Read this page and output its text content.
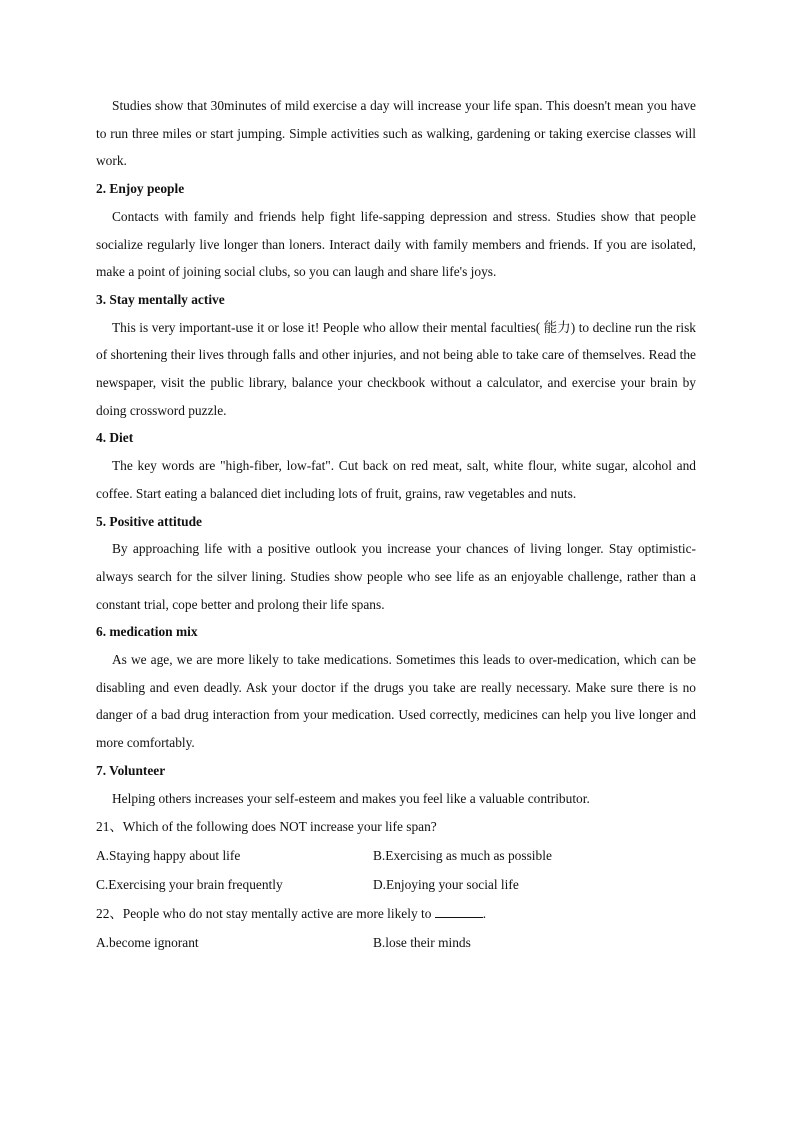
Studies show that 30minutes of mild exercise a day will increase your life span. This doesn't mean you have to run three miles or start jumping. Simple activities such as walking, gardening or taking exercise classes will work.

2. Enjoy people

Contacts with family and friends help fight life-sapping depression and stress. Studies show that people socialize regularly live longer than loners. Interact daily with family members and friends. If you are isolated, make a point of joining social clubs, so you can laugh and share life's joys.

3. Stay mentally active

This is very important-use it or lose it! People who allow their mental faculties( 能力) to decline run the risk of shortening their lives through falls and other injuries, and not being able to take care of themselves. Read the newspaper, visit the public library, balance your checkbook without a calculator, and exercise your brain by doing crossword puzzle.

4. Diet

The key words are "high-fiber, low-fat". Cut back on red meat, salt, white flour, white sugar, alcohol and coffee. Start eating a balanced diet including lots of fruit, grains, raw vegetables and nuts.

5. Positive attitude

By approaching life with a positive outlook you increase your chances of living longer. Stay optimistic-always search for the silver lining. Studies show people who see life as an enjoyable challenge, rather than a constant trial, cope better and prolong their life spans.

6. medication mix

As we age, we are more likely to take medications. Sometimes this leads to over-medication, which can be disabling and even deadly. Ask your doctor if the drugs you take are really necessary. Make sure there is no danger of a bad drug interaction from your medication. Used correctly, medicines can help you live longer and more comfortably.

7. Volunteer

Helping others increases your self-esteem and makes you feel like a valuable contributor.

21、Which of the following does NOT increase your life span?

A.Staying happy about life	B.Exercising as much as possible
C.Exercising your brain frequently	D.Enjoying your social life

22、People who do not stay mentally active are more likely to	.

A.become ignorant	B.lose their minds
